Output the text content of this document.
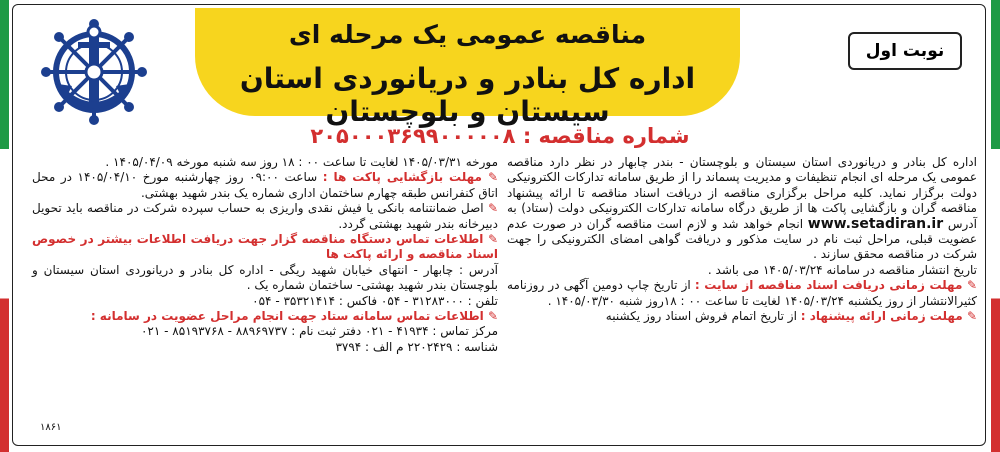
مناقصه عمومی یک مرحله ای
اداره کل بنادر و دریانوردی استان سیستان و بلوچستان
نوبت اول
شماره مناقصه : ۲۰۵۰۰۰۳۶۹۹۰۰۰۰۰۸

اداره کل بنادر و دریانوردی استان سیستان و بلوچستان - بندر چابهار در نظر دارد مناقصه عمومی یک مرحله ای انجام تنظیفات و مدیریت پسماند را از طریق سامانه تدارکات الکترونیکی دولت برگزار نماید. کلیه مراحل برگزاری مناقصه از دریافت اسناد مناقصه تا ارائه پیشنهاد مناقصه گران و بازگشایی پاکت ها از طریق درگاه سامانه تدارکات الکترونیکی دولت (ستاد) به آدرس www.setadiran.ir انجام خواهد شد و لازم است مناقصه گران در صورت عدم عضویت قبلی، مراحل ثبت نام در سایت مذکور و دریافت گواهی امضای الکترونیکی را جهت شرکت در مناقصه محقق سازند .

تاریخ انتشار مناقصه در سامانه ۱۴۰۵/۰۳/۲۴ می باشد .

✎ مهلت زمانی دریافت اسناد مناقصه از سایت : از تاریخ چاپ دومین آگهی در روزنامه کثیرالانتشار از روز یکشنبه ۱۴۰۵/۰۳/۲۴ لغایت تا ساعت ۰۰ : ۱۸روز شنبه ۱۴۰۵/۰۳/۳۰ .

✎ مهلت زمانی ارائه پیشنهاد : از تاریخ اتمام فروش اسناد روز یکشنبه

مورخه ۱۴۰۵/۰۳/۳۱ لغایت تا ساعت ۰۰ : ۱۸ روز سه شنبه مورخه ۱۴۰۵/۰۴/۰۹ .

✎ مهلت بازگشایی پاکت ها : ساعت ۰۹:۰۰ روز چهارشنبه مورخ ۱۴۰۵/۰۴/۱۰ در محل اتاق کنفرانس طبقه چهارم ساختمان اداری شماره یک بندر شهید بهشتی.

✎ اصل ضمانتنامه بانکی یا فیش نقدی واریزی به حساب سپرده شرکت در مناقصه باید تحویل دبیرخانه بندر شهید بهشتی گردد.

✎ اطلاعات تماس دستگاه مناقصه گزار جهت دریافت اطلاعات بیشتر در خصوص اسناد مناقصه و ارائه پاکت ها

آدرس : چابهار - انتهای خیابان شهید ریگی - اداره کل بنادر و دریانوردی استان سیستان و بلوچستان بندر شهید بهشتی- ساختمان شماره یک .

تلفن : ۳۱۲۸۳۰۰۰ - ۰۵۴ فاکس : ۳۵۳۲۱۴۱۴ - ۰۵۴

✎ اطلاعات تماس سامانه ستاد جهت انجام مراحل عضویت در سامانه :

مرکز تماس : ۴۱۹۳۴ - ۰۲۱ دفتر ثبت نام : ۸۸۹۶۹۷۳۷ - ۸۵۱۹۳۷۶۸ - ۰۲۱

شناسه : ۲۲۰۲۴۲۹ م الف : ۳۷۹۴

۱۸۶۱
